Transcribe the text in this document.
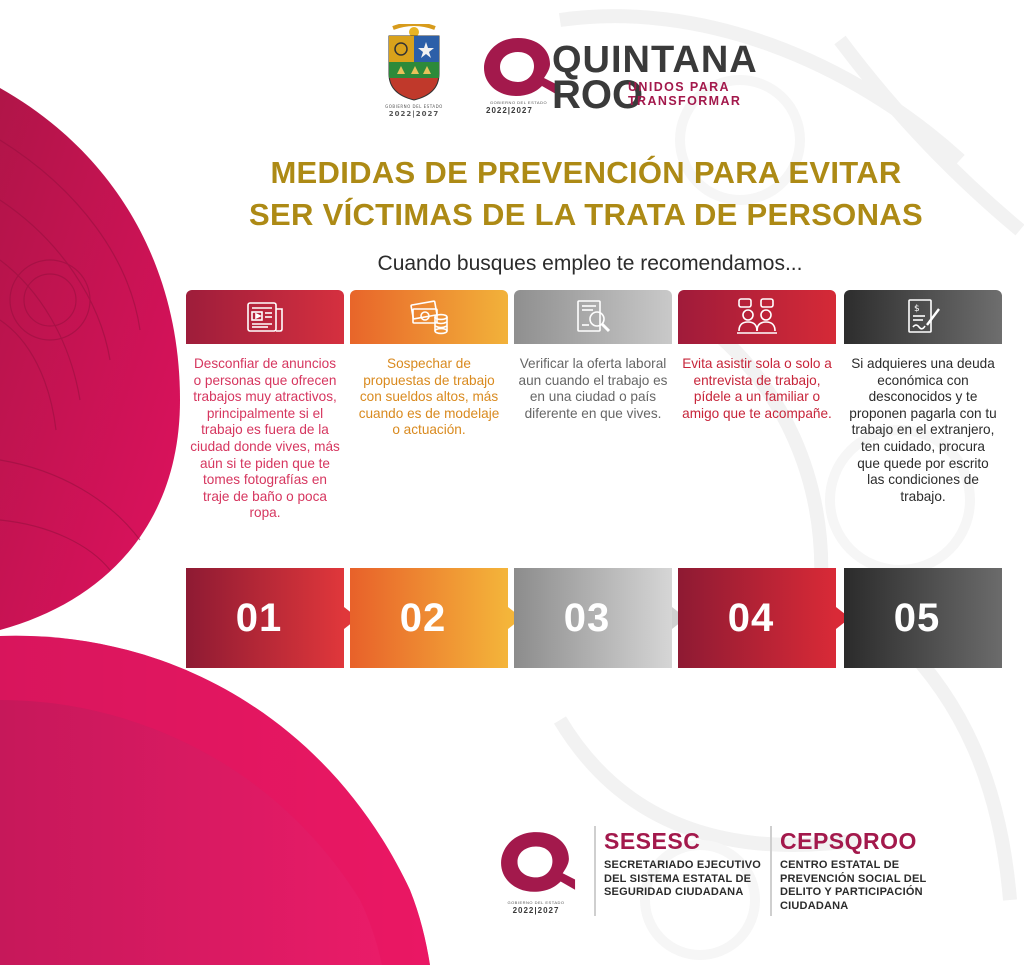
GOBIERNO DEL ESTADO
2022|2027
QUINTANA
ROO
UNIDOS PARA
TRANSFORMAR
GOBIERNO DEL ESTADO
2022|2027
MEDIDAS DE PREVENCIÓN PARA EVITAR
SER VÍCTIMAS DE LA TRATA DE PERSONAS
Cuando busques empleo te recomendamos...
Desconfiar de anuncios o personas que ofrecen trabajos muy atractivos, principalmente si el trabajo es fuera de la ciudad donde vives, más aún si te piden que te tomes fotografías en traje de baño o poca ropa.
01
Sospechar de propuestas de trabajo con sueldos altos, más cuando es de modelaje o actuación.
02
Verificar la oferta laboral aun cuando el trabajo es en una ciudad o país diferente en que vives.
03
Evita asistir sola o solo a entrevista de trabajo, pídele a un familiar o amigo que te acompañe.
04
$
Si adquieres una deuda económica con desconocidos y te proponen pagarla con tu trabajo en el extranjero, ten cuidado, procura que quede por escrito las condiciones de trabajo.
05
GOBIERNO DEL ESTADO
2022|2027
SESESC
SECRETARIADO EJECUTIVO
DEL SISTEMA ESTATAL DE
SEGURIDAD CIUDADANA
CEPSQROO
CENTRO ESTATAL DE
PREVENCIÓN SOCIAL DEL
DELITO Y PARTICIPACIÓN
CIUDADANA
